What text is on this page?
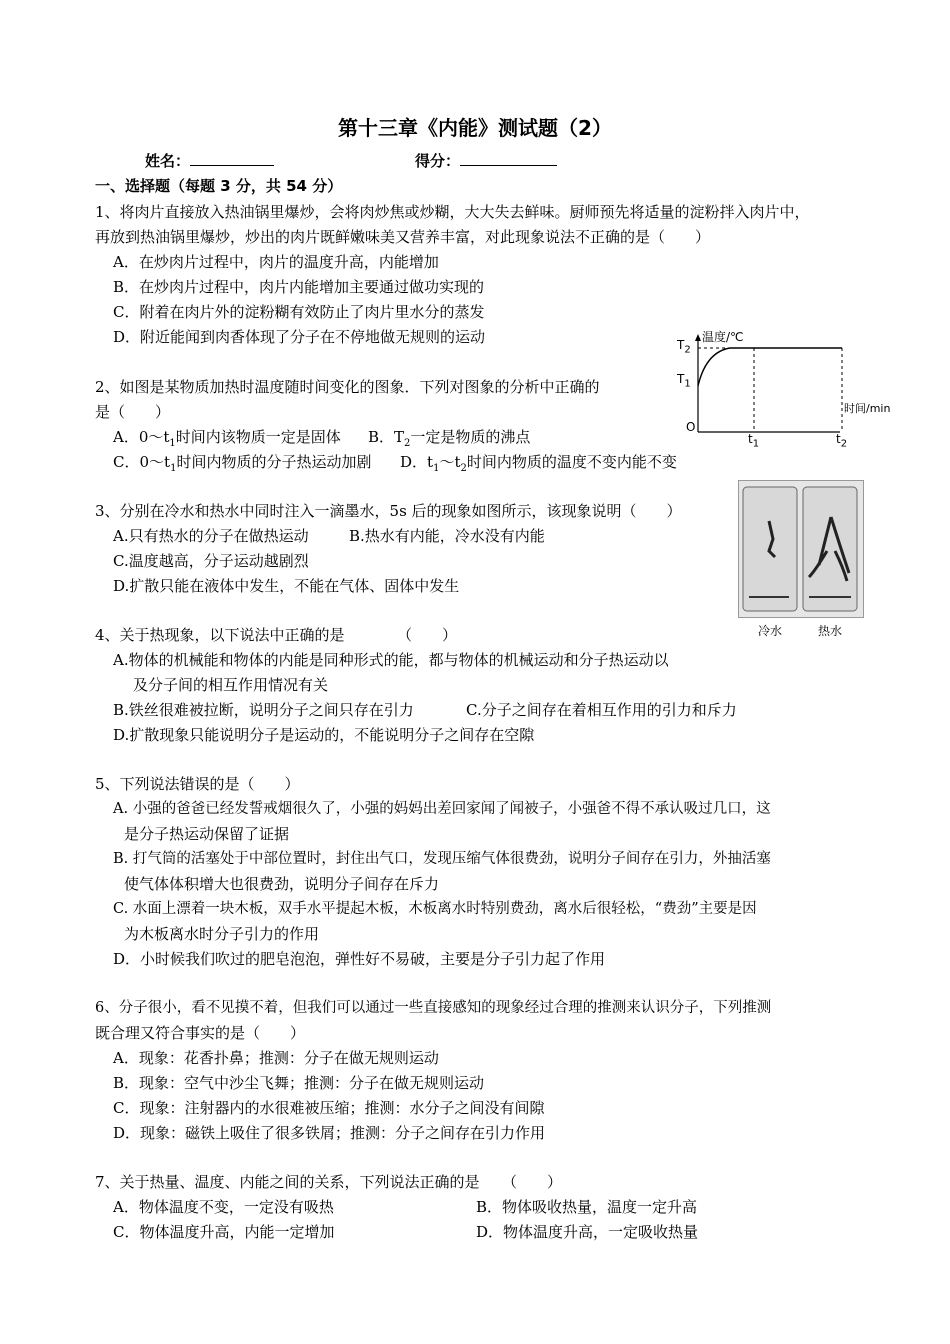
第十三章《内能》测试题（2）
姓名：	得分：
一、选择题（每题 3 分，共 54 分）
1、将肉片直接放入热油锅里爆炒，会将肉炒焦或炒糊，大大失去鲜味。厨师预先将适量的淀粉拌入肉片中，
再放到热油锅里爆炒，炒出的肉片既鲜嫩味美又营养丰富，对此现象说法不正确的是（　　）
A．在炒肉片过程中，肉片的温度升高，内能增加
B．在炒肉片过程中，肉片内能增加主要通过做功实现的
C．附着在肉片外的淀粉糊有效防止了肉片里水分的蒸发
D．附近能闻到肉香体现了分子在不停地做无规则的运动	温度/℃
时间/min
$T_2$
$T_1$
O
$t_1$	$t_2$
2、如图是某物质加热时温度随时间变化的图象．下列对图象的分析中正确的
是（　　）
A．$0\sim t_1$时间内该物质一定是固体 B．$T_2$一定是物质的沸点
C．$0\sim t_1$时间内物质的分子热运动加剧 D．$t_1\sim t_2$时间内物质的温度不变内能不变
冷水	热水
3、分别在冷水和热水中同时注入一滴墨水，5s 后的现象如图所示，该现象说明（　　）
A.只有热水的分子在做热运动	B.热水有内能，冷水没有内能
C.温度越高，分子运动越剧烈
D.扩散只能在液体中发生，不能在气体、固体中发生
4、关于热现象，以下说法中正确的是　　　　（　　）
A.物体的机械能和物体的内能是同种形式的能，都与物体的机械运动和分子热运动以
及分子间的相互作用情况有关
B.铁丝很难被拉断，说明分子之间只存在引力	C.分子之间存在着相互作用的引力和斥力
D.扩散现象只能说明分子是运动的，不能说明分子之间存在空隙
5、下列说法错误的是（　　）
A. 小强的爸爸已经发誓戒烟很久了，小强的妈妈出差回家闻了闻被子，小强爸不得不承认吸过几口，这
是分子热运动保留了证据
B. 打气筒的活塞处于中部位置时，封住出气口，发现压缩气体很费劲，说明分子间存在引力，外抽活塞
使气体体积增大也很费劲，说明分子间存在斥力
C. 水面上漂着一块木板，双手水平提起木板，木板离水时特别费劲，离水后很轻松，“费劲”主要是因
为木板离水时分子引力的作用
D．小时候我们吹过的肥皂泡泡，弹性好不易破，主要是分子引力起了作用
6、分子很小，看不见摸不着，但我们可以通过一些直接感知的现象经过合理的推测来认识分子，下列推测
既合理又符合事实的是（　　）
A．现象：花香扑鼻；推测：分子在做无规则运动
B．现象：空气中沙尘飞舞；推测：分子在做无规则运动
C．现象：注射器内的水很难被压缩；推测：水分子之间没有间隙
D．现象：磁铁上吸住了很多铁屑；推测：分子之间存在引力作用
7、关于热量、温度、内能之间的关系，下列说法正确的是　　（　　）
A．物体温度不变，一定没有吸热	B．物体吸收热量，温度一定升高
C．物体温度升高，内能一定增加	D．物体温度升高，一定吸收热量
